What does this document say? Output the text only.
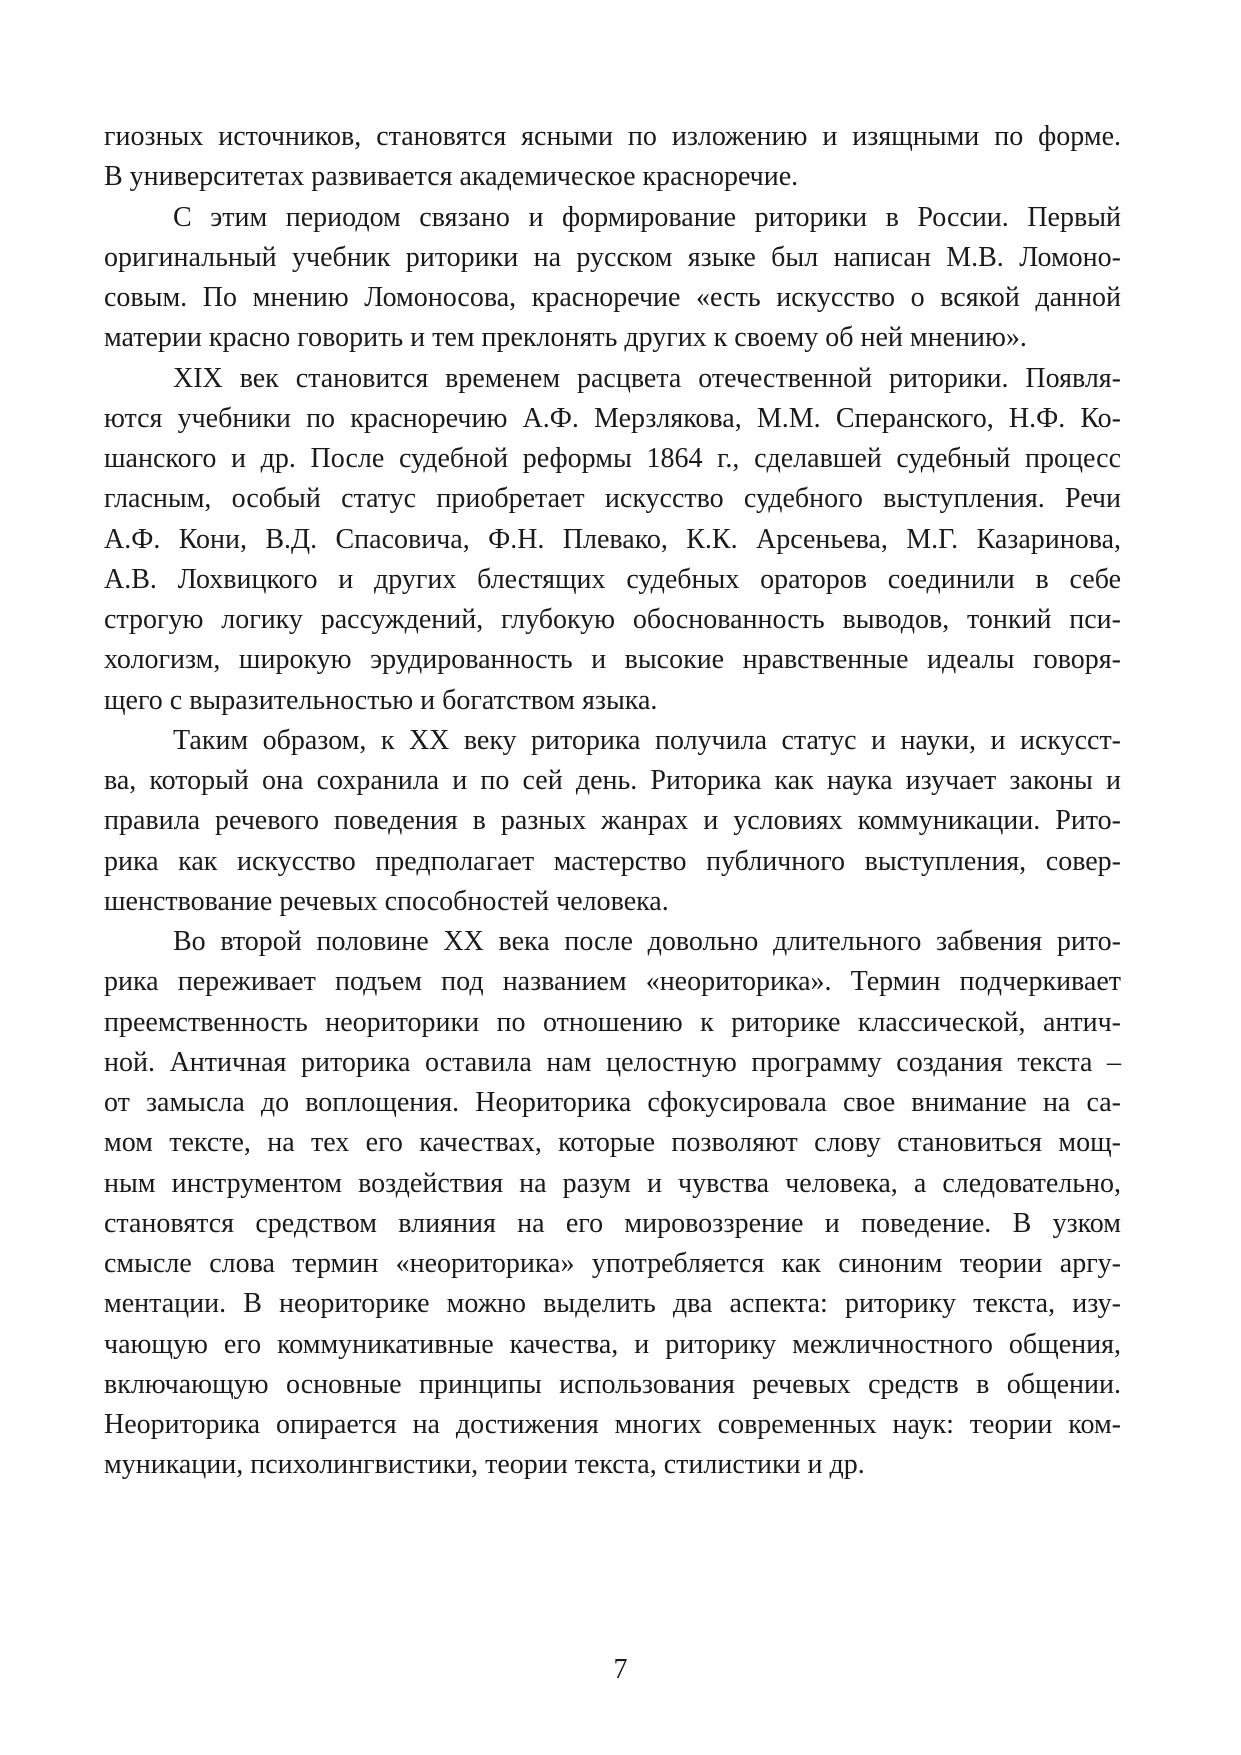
гиозных источников, становятся ясными по изложению и изящными по форме.
В университетах развивается академическое красноречие.
С этим периодом связано и формирование риторики в России. Первый
оригинальный учебник риторики на русском языке был написан М.В. Ломоно-
совым. По мнению Ломоносова, красноречие «есть искусство о всякой данной
материи красно говорить и тем преклонять других к своему об ней мнению».
XIX век становится временем расцвета отечественной риторики. Появля-
ются учебники по красноречию А.Ф. Мерзлякова, М.М. Сперанского, Н.Ф. Ко-
шанского и др. После судебной реформы 1864 г., сделавшей судебный процесс
гласным, особый статус приобретает искусство судебного выступления. Речи
А.Ф. Кони, В.Д. Спасовича, Ф.Н. Плевако, К.К. Арсеньева, М.Г. Казаринова,
А.В. Лохвицкого и других блестящих судебных ораторов соединили в себе
строгую логику рассуждений, глубокую обоснованность выводов, тонкий пси-
хологизм, широкую эрудированность и высокие нравственные идеалы говоря-
щего с выразительностью и богатством языка.
Таким образом, к XX веку риторика получила статус и науки, и искусст-
ва, который она сохранила и по сей день. Риторика как наука изучает законы и
правила речевого поведения в разных жанрах и условиях коммуникации. Рито-
рика как искусство предполагает мастерство публичного выступления, совер-
шенствование речевых способностей человека.
Во второй половине XX века после довольно длительного забвения рито-
рика переживает подъем под названием «неориторика». Термин подчеркивает
преемственность неориторики по отношению к риторике классической, антич-
ной. Античная риторика оставила нам целостную программу создания текста –
от замысла до воплощения. Неориторика сфокусировала свое внимание на са-
мом тексте, на тех его качествах, которые позволяют слову становиться мощ-
ным инструментом воздействия на разум и чувства человека, а следовательно,
становятся средством влияния на его мировоззрение и поведение. В узком
смысле слова термин «неориторика» употребляется как синоним теории аргу-
ментации. В неориторике можно выделить два аспекта: риторику текста, изу-
чающую его коммуникативные качества, и риторику межличностного общения,
включающую основные принципы использования речевых средств в общении.
Неориторика опирается на достижения многих современных наук: теории ком-
муникации, психолингвистики, теории текста, стилистики и др.
7
